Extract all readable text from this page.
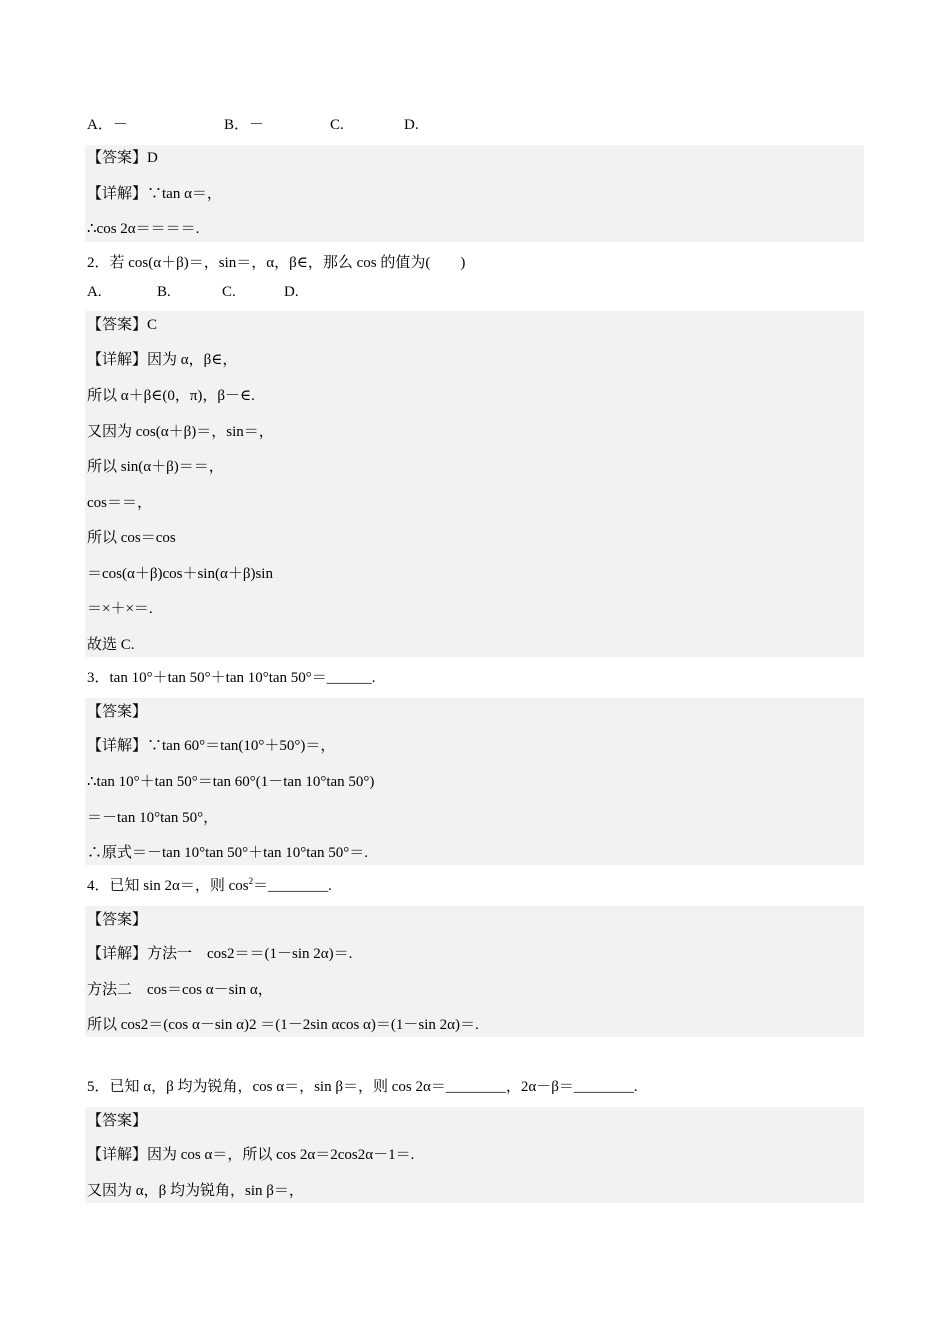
A．－	B．－	C.	D.
【答案】D
【详解】∵tan α＝，
∴cos 2α＝＝＝＝.
2．若 cos(α＋β)＝，sin＝，α，β∈，那么 cos 的值为(　　)
A.	B.	C.	D.
【答案】C
【详解】因为 α，β∈，
所以 α＋β∈(0，π)，β－∈.
又因为 cos(α＋β)＝，sin＝，
所以 sin(α＋β)＝＝，
cos＝＝，
所以 cos＝cos
＝cos(α＋β)cos＋sin(α＋β)sin
＝×＋×＝.
故选 C.
3．tan 10°＋tan 50°＋tan 10°tan 50°＝______.
【答案】
【详解】∵tan 60°＝tan(10°＋50°)＝，
∴tan 10°＋tan 50°＝tan 60°(1－tan 10°tan 50°)
＝－tan 10°tan 50°，
∴原式＝－tan 10°tan 50°＋tan 10°tan 50°＝.
4．已知 sin 2α＝，则 $\cos^2=\_\_\_\_\_\_\_\_$.
【答案】
【详解】方法一　cos2＝＝(1－sin 2α)＝.
方法二　cos＝cos α－sin α，
所以 cos2＝(cos α－sin α)2 ＝(1－2sin αcos α)＝(1－sin 2α)＝.
5．已知 α，β 均为锐角，cos α＝，sin β＝，则 cos 2α＝________，2α－β＝________.
【答案】
【详解】因为 cos α＝，所以 cos 2α＝2cos2α－1＝.
又因为 α，β 均为锐角，sin β＝，
